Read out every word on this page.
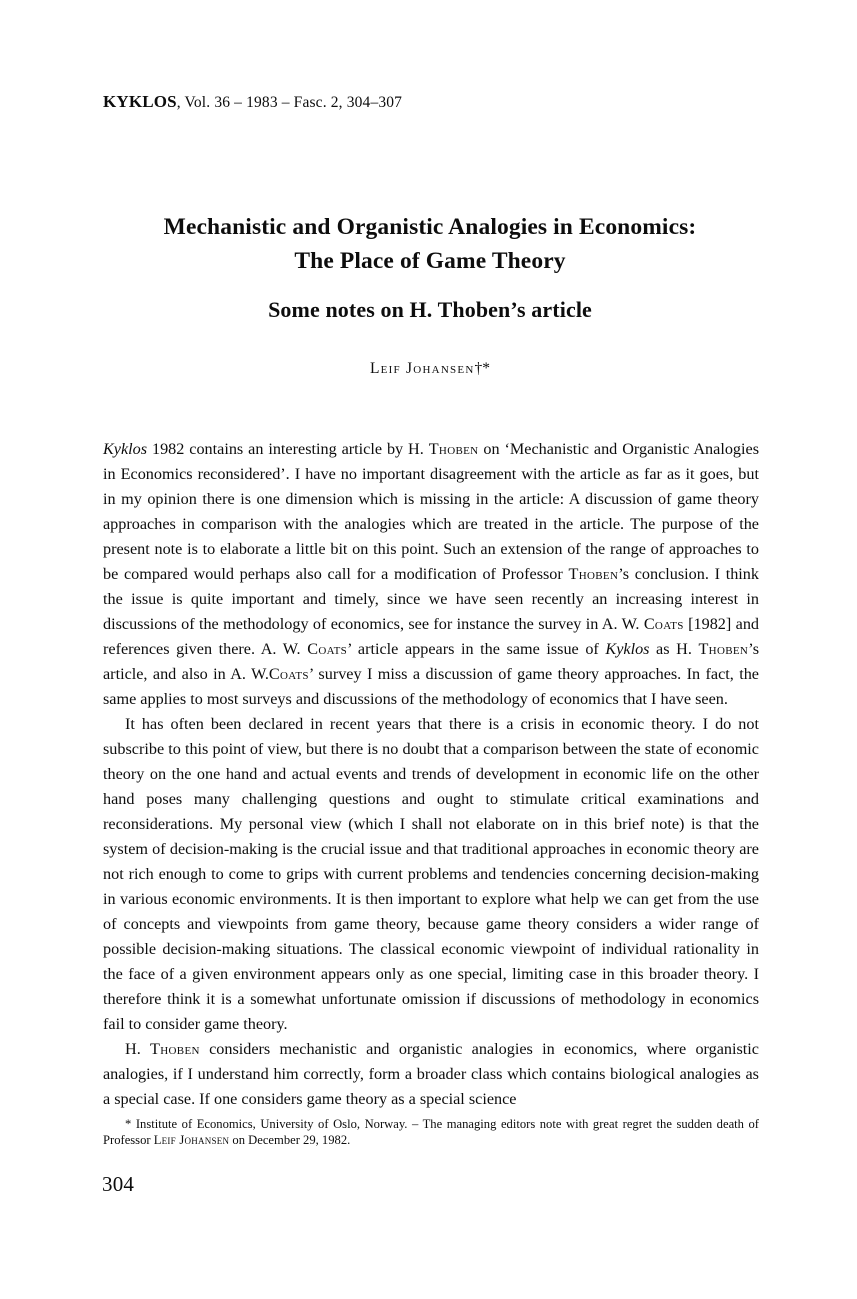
KYKLOS, Vol. 36 – 1983 – Fasc. 2, 304–307
Mechanistic and Organistic Analogies in Economics:
The Place of Game Theory
Some notes on H. Thoben’s article
Leif Johansen†*

Kyklos 1982 contains an interesting article by H. Thoben on ‘Mechanistic and Organistic Analogies in Economics reconsidered’. I have no important disagreement with the article as far as it goes, but in my opinion there is one dimension which is missing in the article: A discussion of game theory approaches in comparison with the analogies which are treated in the article. The purpose of the present note is to elaborate a little bit on this point. Such an extension of the range of approaches to be compared would perhaps also call for a modification of Professor Thoben’s conclusion. I think the issue is quite important and timely, since we have seen recently an increasing interest in discussions of the methodology of economics, see for instance the survey in A. W. Coats [1982] and references given there. A. W. Coats’ article appears in the same issue of Kyklos as H. Thoben’s article, and also in A. W.Coats’ survey I miss a discussion of game theory approaches. In fact, the same applies to most surveys and discussions of the methodology of economics that I have seen.

It has often been declared in recent years that there is a crisis in economic theory. I do not subscribe to this point of view, but there is no doubt that a comparison between the state of economic theory on the one hand and actual events and trends of development in economic life on the other hand poses many challenging questions and ought to stimulate critical examinations and reconsiderations. My personal view (which I shall not elaborate on in this brief note) is that the system of decision-making is the crucial issue and that traditional approaches in economic theory are not rich enough to come to grips with current problems and tendencies concerning decision-making in various economic environments. It is then important to explore what help we can get from the use of concepts and viewpoints from game theory, because game theory considers a wider range of possible decision-making situations. The classical economic viewpoint of individual rationality in the face of a given environment appears only as one special, limiting case in this broader theory. I therefore think it is a somewhat unfortunate omission if discussions of methodology in economics fail to consider game theory.

H. Thoben considers mechanistic and organistic analogies in economics, where organistic analogies, if I understand him correctly, form a broader class which contains biological analogies as a special case. If one considers game theory as a special science

* Institute of Economics, University of Oslo, Norway. – The managing editors note with great regret the sudden death of Professor Leif Johansen on December 29, 1982.
304
